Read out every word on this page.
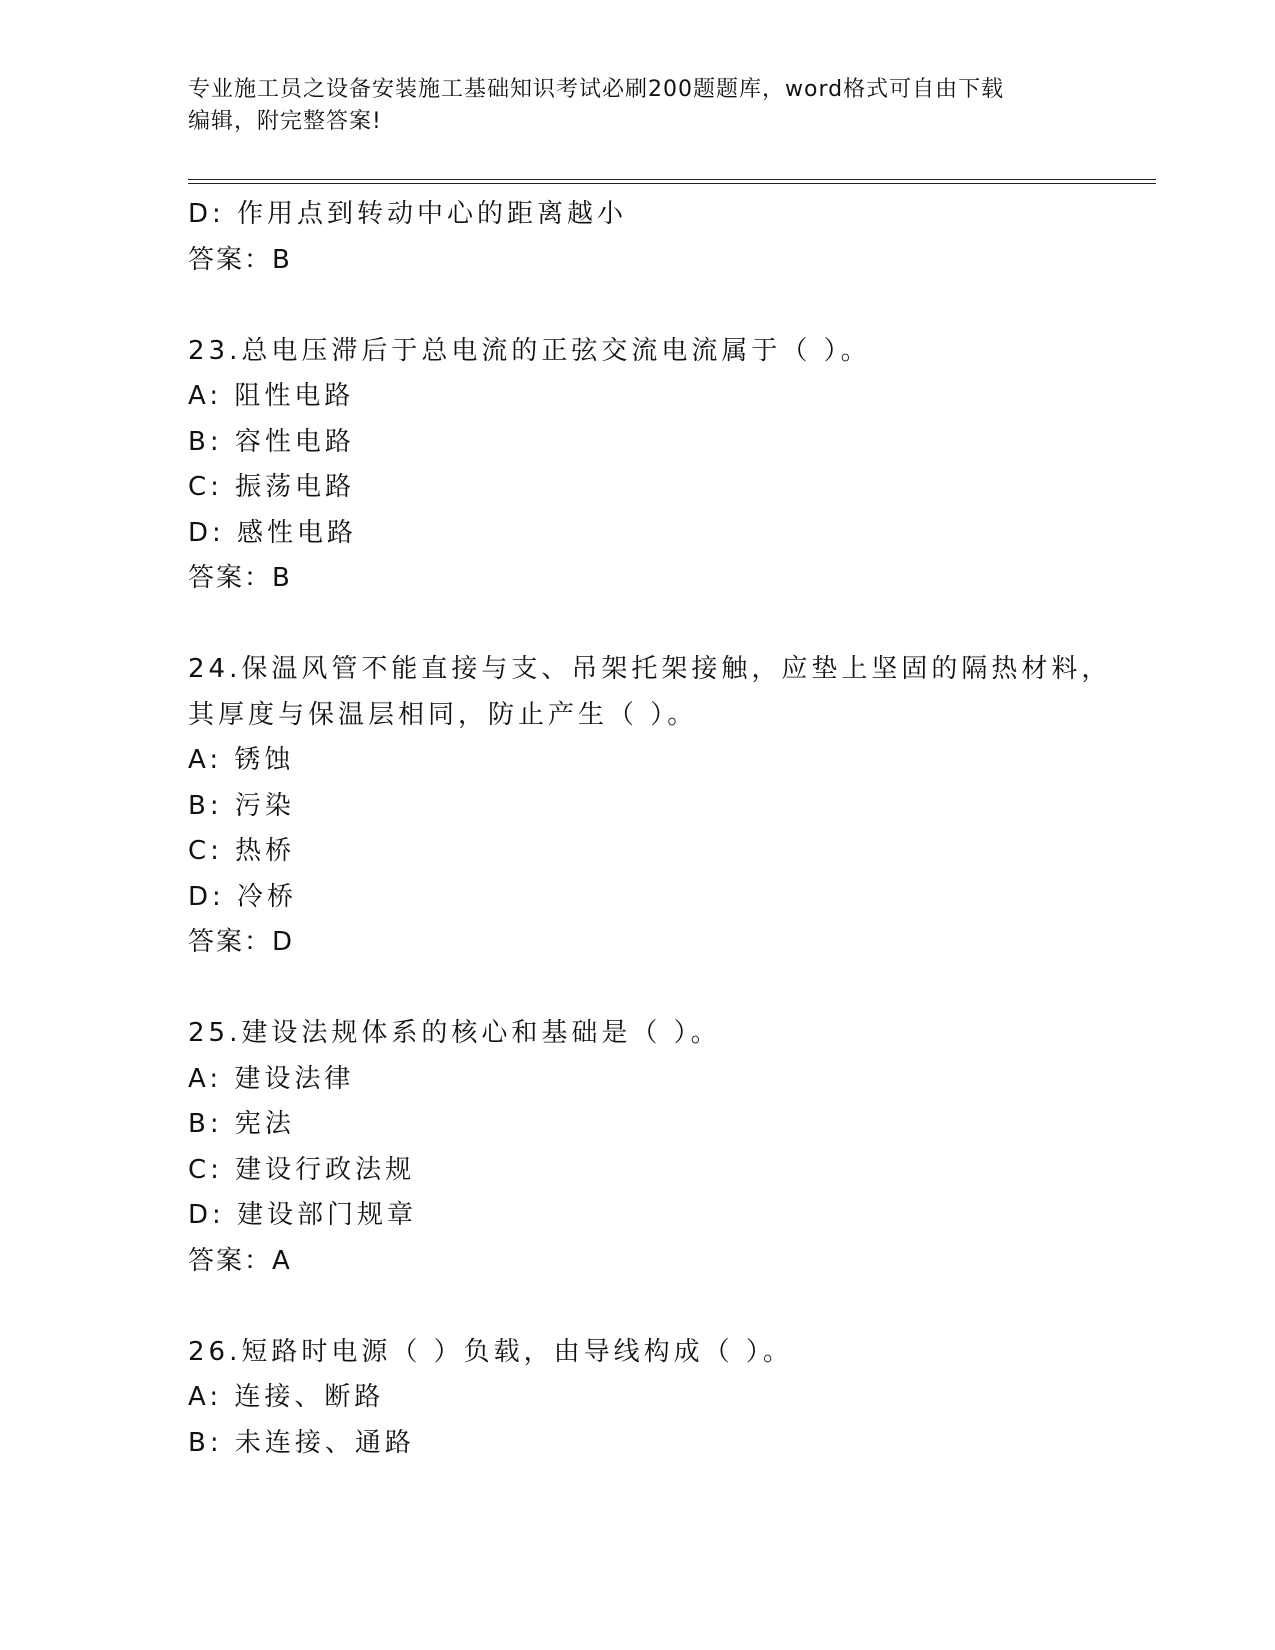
专业施工员之设备安装施工基础知识考试必刷200题题库，word格式可自由下载
编辑，附完整答案!
D: 作用点到转动中心的距离越小
答案：B
23.总电压滞后于总电流的正弦交流电流属于（ ）。
A: 阻性电路
B: 容性电路
C: 振荡电路
D: 感性电路
答案：B
24.保温风管不能直接与支、吊架托架接触，应垫上坚固的隔热材料，
其厚度与保温层相同，防止产生（ ）。
A: 锈蚀
B: 污染
C: 热桥
D: 冷桥
答案：D
25.建设法规体系的核心和基础是（ ）。
A: 建设法律
B: 宪法
C: 建设行政法规
D: 建设部门规章
答案：A
26.短路时电源（ ）负载，由导线构成（ ）。
A: 连接、断路
B: 未连接、通路
